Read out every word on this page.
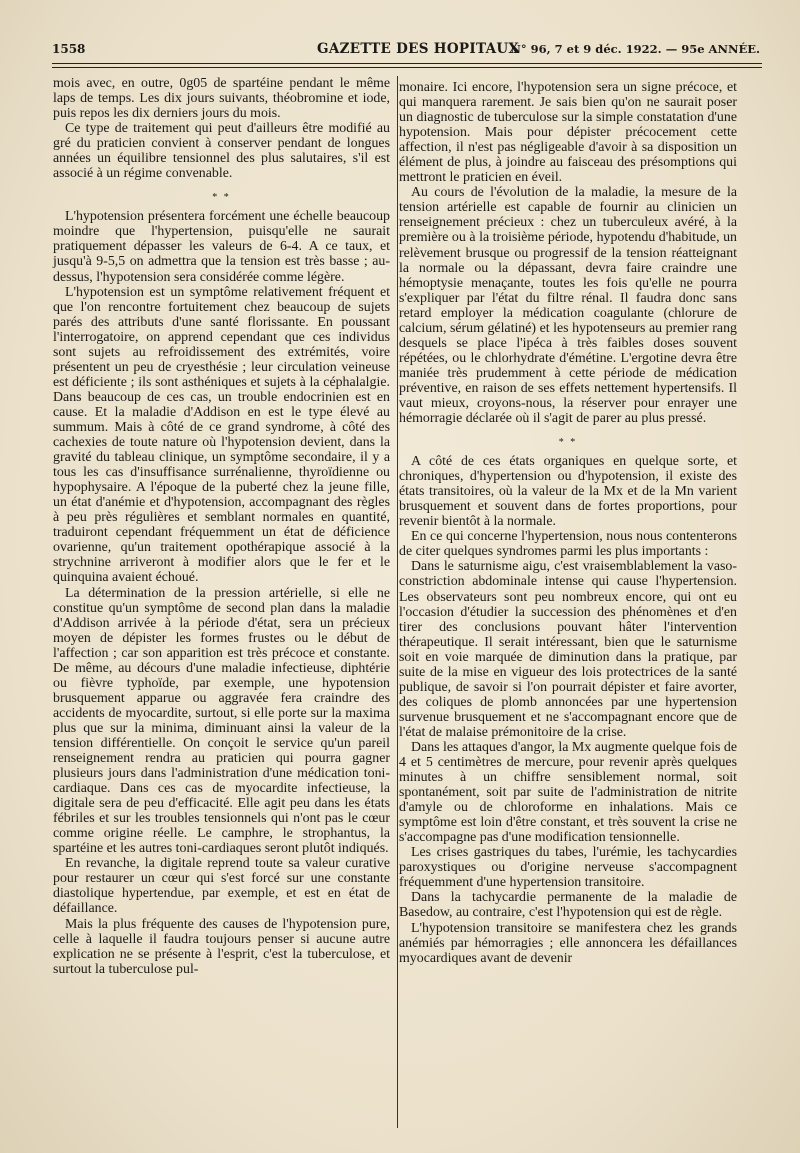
1558	GAZETTE DES HOPITAUX
N° 96, 7 et 9 déc. 1922. — 95e ANNÉE.

mois avec, en outre, 0g05 de spartéine pendant le même laps de temps. Les dix jours suivants, théobromine et iode, puis repos les dix derniers jours du mois.

Ce type de traitement qui peut d'ailleurs être modifié au gré du praticien convient à conserver pendant de longues années un équilibre tensionnel des plus salutaires, s'il est associé à un régime convenable.

* *

L'hypotension présentera forcément une échelle beaucoup moindre que l'hypertension, puisqu'elle ne saurait pratiquement dépasser les valeurs de 6-4. A ce taux, et jusqu'à 9-5,5 on admettra que la tension est très basse ; au-dessus, l'hypotension sera considérée comme légère.

L'hypotension est un symptôme relativement fréquent et que l'on rencontre fortuitement chez beaucoup de sujets parés des attributs d'une santé florissante. En poussant l'interrogatoire, on apprend cependant que ces individus sont sujets au refroidissement des extrémités, voire présentent un peu de cryesthésie ; leur circulation veineuse est déficiente ; ils sont asthéniques et sujets à la céphalalgie. Dans beaucoup de ces cas, un trouble endocrinien est en cause. Et la maladie d'Addison en est le type élevé au summum. Mais à côté de ce grand syndrome, à côté des cachexies de toute nature où l'hypotension devient, dans la gravité du tableau clinique, un symptôme secondaire, il y a tous les cas d'insuffisance surrénalienne, thyroïdienne ou hypophysaire. A l'époque de la puberté chez la jeune fille, un état d'anémie et d'hypotension, accompagnant des règles à peu près régulières et semblant normales en quantité, traduiront cependant fréquemment un état de déficience ovarienne, qu'un traitement opothérapique associé à la strychnine arriveront à modifier alors que le fer et le quinquina avaient échoué.

La détermination de la pression artérielle, si elle ne constitue qu'un symptôme de second plan dans la maladie d'Addison arrivée à la période d'état, sera un précieux moyen de dépister les formes frustes ou le début de l'affection ; car son apparition est très précoce et constante. De même, au décours d'une maladie infectieuse, diphtérie ou fièvre typhoïde, par exemple, une hypotension brusquement apparue ou aggravée fera craindre des accidents de myocardite, surtout, si elle porte sur la maxima plus que sur la minima, diminuant ainsi la valeur de la tension différentielle. On conçoit le service qu'un pareil renseignement rendra au praticien qui pourra gagner plusieurs jours dans l'administration d'une médication toni-cardiaque. Dans ces cas de myocardite infectieuse, la digitale sera de peu d'efficacité. Elle agit peu dans les états fébriles et sur les troubles tensionnels qui n'ont pas le cœur comme origine réelle. Le camphre, le strophantus, la spartéine et les autres toni-cardiaques seront plutôt indiqués.

En revanche, la digitale reprend toute sa valeur curative pour restaurer un cœur qui s'est forcé sur une constante diastolique hypertendue, par exemple, et est en état de défaillance.

Mais la plus fréquente des causes de l'hypotension pure, celle à laquelle il faudra toujours penser si aucune autre explication ne se présente à l'esprit, c'est la tuberculose, et surtout la tuberculose pul-

monaire. Ici encore, l'hypotension sera un signe précoce, et qui manquera rarement. Je sais bien qu'on ne saurait poser un diagnostic de tuberculose sur la simple constatation d'une hypotension. Mais pour dépister précocement cette affection, il n'est pas négligeable d'avoir à sa disposition un élément de plus, à joindre au faisceau des présomptions qui mettront le praticien en éveil.

Au cours de l'évolution de la maladie, la mesure de la tension artérielle est capable de fournir au clinicien un renseignement précieux : chez un tuberculeux avéré, à la première ou à la troisième période, hypotendu d'habitude, un relèvement brusque ou progressif de la tension réatteignant la normale ou la dépassant, devra faire craindre une hémoptysie menaçante, toutes les fois qu'elle ne pourra s'expliquer par l'état du filtre rénal. Il faudra donc sans retard employer la médication coagulante (chlorure de calcium, sérum gélatiné) et les hypotenseurs au premier rang desquels se place l'ipéca à très faibles doses souvent répétées, ou le chlorhydrate d'émétine. L'ergotine devra être maniée très prudemment à cette période de médication préventive, en raison de ses effets nettement hypertensifs. Il vaut mieux, croyons-nous, la réserver pour enrayer une hémorragie déclarée où il s'agit de parer au plus pressé.

* *

A côté de ces états organiques en quelque sorte, et chroniques, d'hypertension ou d'hypotension, il existe des états transitoires, où la valeur de la Mx et de la Mn varient brusquement et souvent dans de fortes proportions, pour revenir bientôt à la normale.

En ce qui concerne l'hypertension, nous nous contenterons de citer quelques syndromes parmi les plus importants :

Dans le saturnisme aigu, c'est vraisemblablement la vaso-constriction abdominale intense qui cause l'hypertension. Les observateurs sont peu nombreux encore, qui ont eu l'occasion d'étudier la succession des phénomènes et d'en tirer des conclusions pouvant hâter l'intervention thérapeutique. Il serait intéressant, bien que le saturnisme soit en voie marquée de diminution dans la pratique, par suite de la mise en vigueur des lois protectrices de la santé publique, de savoir si l'on pourrait dépister et faire avorter, des coliques de plomb annoncées par une hypertension survenue brusquement et ne s'accompagnant encore que de l'état de malaise prémonitoire de la crise.

Dans les attaques d'angor, la Mx augmente quelque fois de 4 et 5 centimètres de mercure, pour revenir après quelques minutes à un chiffre sensiblement normal, soit spontanément, soit par suite de l'administration de nitrite d'amyle ou de chloroforme en inhalations. Mais ce symptôme est loin d'être constant, et très souvent la crise ne s'accompagne pas d'une modification tensionnelle.

Les crises gastriques du tabes, l'urémie, les tachycardies paroxystiques ou d'origine nerveuse s'accompagnent fréquemment d'une hypertension transitoire.

Dans la tachycardie permanente de la maladie de Basedow, au contraire, c'est l'hypotension qui est de règle.

L'hypotension transitoire se manifestera chez les grands anémiés par hémorragies ; elle annoncera les défaillances myocardiques avant de devenir
